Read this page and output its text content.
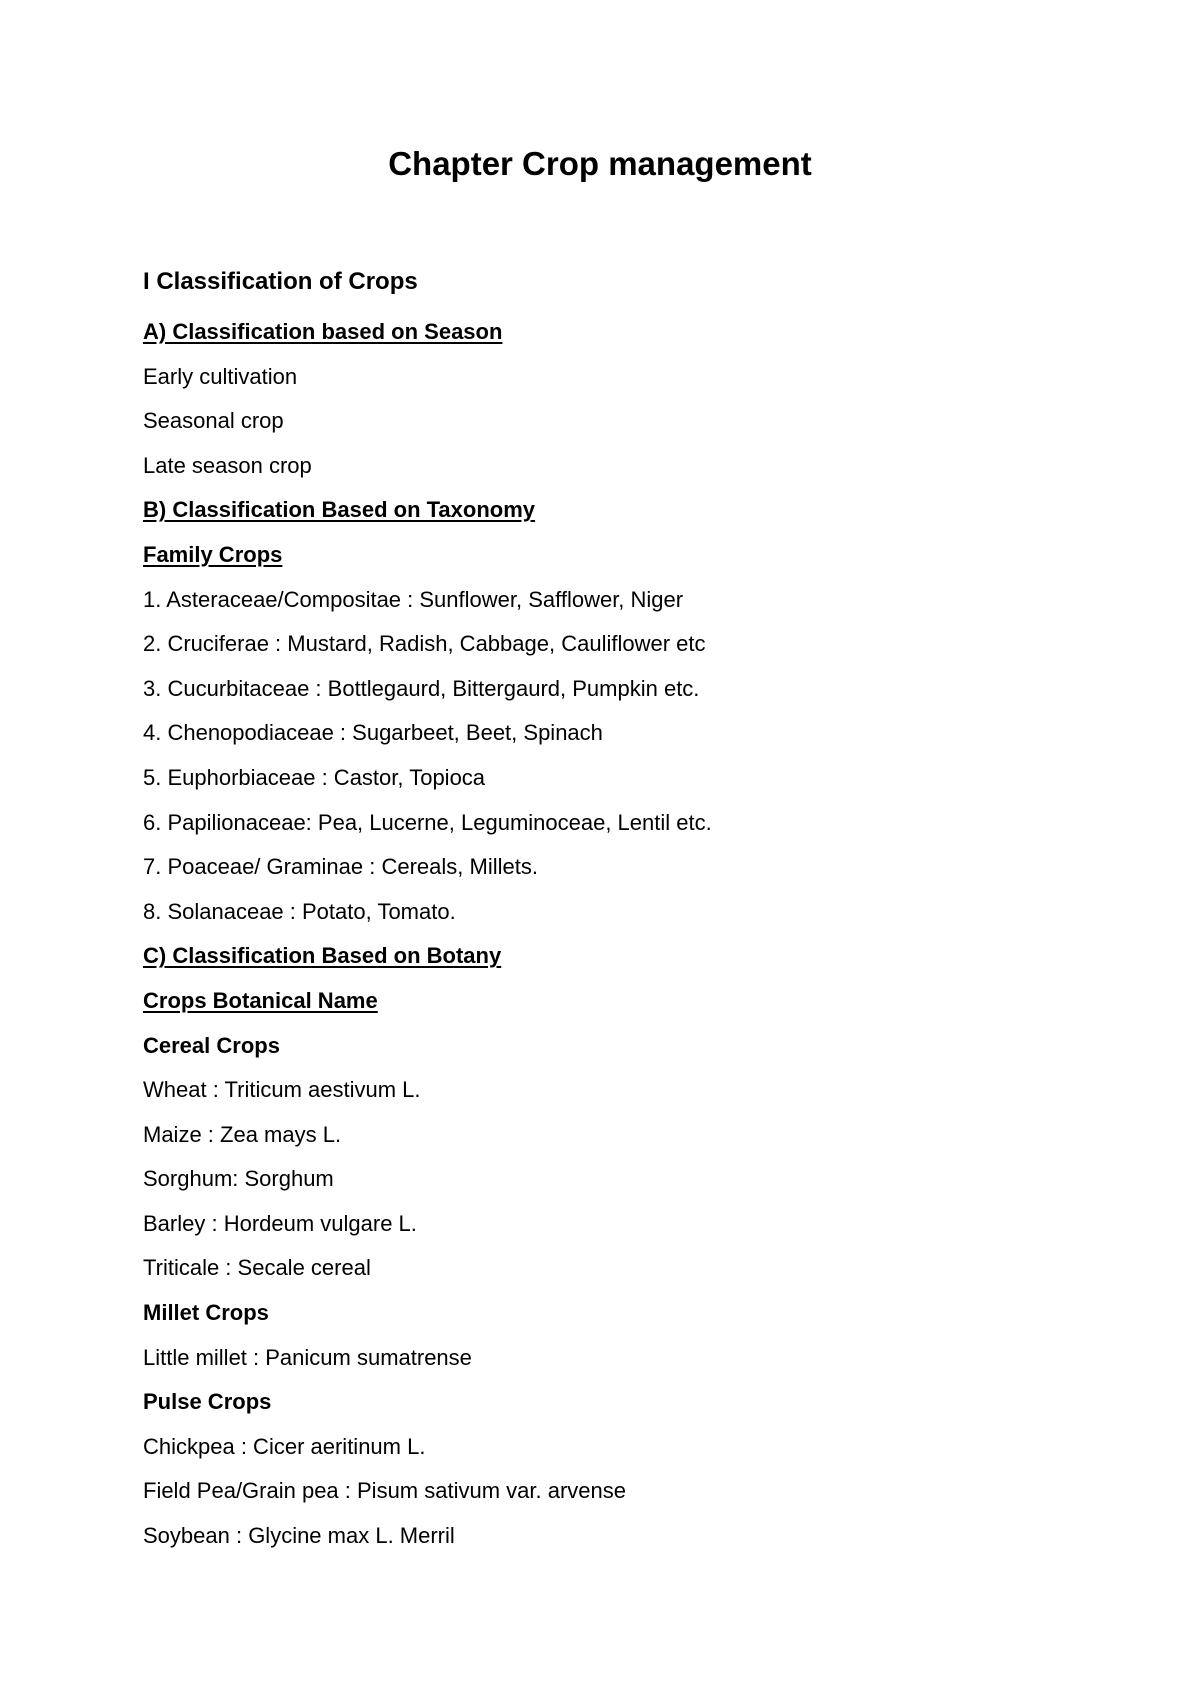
Chapter Crop management
I Classification of Crops
A) Classification based on Season
Early cultivation
Seasonal crop
Late season crop
B) Classification Based on Taxonomy
Family Crops
1. Asteraceae/Compositae : Sunflower, Safflower, Niger
2. Cruciferae : Mustard, Radish, Cabbage, Cauliflower etc
3. Cucurbitaceae : Bottlegaurd, Bittergaurd, Pumpkin etc.
4. Chenopodiaceae : Sugarbeet, Beet, Spinach
5. Euphorbiaceae : Castor, Topioca
6. Papilionaceae: Pea, Lucerne, Leguminoceae, Lentil etc.
7. Poaceae/ Graminae : Cereals, Millets.
8. Solanaceae : Potato, Tomato.
C) Classification Based on Botany
Crops Botanical Name
Cereal Crops
Wheat : Triticum aestivum L.
Maize : Zea mays L.
Sorghum: Sorghum
Barley : Hordeum vulgare L.
Triticale : Secale cereal
Millet Crops
Little millet : Panicum sumatrense
Pulse Crops
Chickpea : Cicer aeritinum L.
Field Pea/Grain pea : Pisum sativum var. arvense
Soybean : Glycine max L. Merril
